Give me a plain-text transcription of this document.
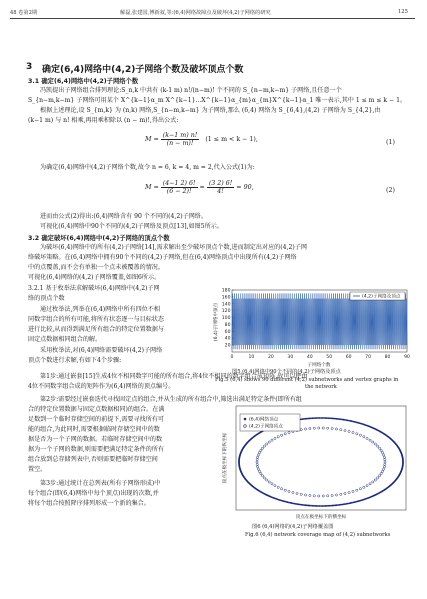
48 卷第2期	解磊,张建国,傅新叙,等:(6,4)网络故障点及破坏(4,2)子网络的研究	125
3 确定(6,4)网络中(4,2)子网络个数及破坏顶点个数
3.1 确定(6,4)网络中(4,2)子网络个数
冯凯提出子网络组合排列理论:S_n,k 中共有 (k-1 m) n!/(n−m)! 个不同的 S_{n−m,k−m} 子网络,且任意一个
S_{n−m,k−m} 子网络可用某个 X^{k−1}α_m X^{k−1}...X^{k−1}α_{m}α_{m}X^{k−1}α_1 唯一表示,其中 1 ≤ m ≤ k − 1。
根据上述理论,设 S_{m,k} 为 (n,k) 网络,S_{n−m,k−m} 为子网络,那么 (6,4) 网络为 S_{6,4},(4,2) 子网络为 S_{4,2},由
(k−1 m) 与 n! 相乘,再用乘积除以 (n − m)!,得出公式:
$M = \frac{(k-1 m) n!}{(n - m)!} (1 \le m < k - 1)$,	(1)
为确定(6,4)网络中(4,2)子网络个数,故令 n = 6, k = 4, m = 2,代入公式(1)为:
$M = \frac{(4-1 2) 6!}{(6 - 2)!} = \frac{(3 2) 6!}{4!} = 90$,	(2)
进而由公式(2)得出:(6,4)网络含有 90 个不同的(4,2)子网络。
可视化(6,4)网络中90个不同的(4,2)子网络及顶点[13],如图5所示。
3.2 确定破坏(6,4)网络中(4,2)子网络的顶点个数
为破坏(6,4)网络中的所有(4,2)子网络[14],需求解出至少破坏顶点个数,进而制定出对应的(4,2)子网
络破坏策略。在(6,4)网络中拥有90个不同的(4,2)子网络,但在(6,4)网络顶点中出现所有(4,2)子网络
中的点覆盖,而不会有单独一个点未被覆盖的情况。
可视化(6,4)网络的(4,2)子网络覆盖,如图6所示。
3.2.1 基于枚举法求解破坏(6,4)网络中(4,2)子网
络的顶点个数
通过枚举法,列举在(6,4)网络中所有四位不相
同数字组合的所有可能,将所有状态逐一与目标状态
进行比较,从而得到满足所有组合的特定位置数据与
固定点数据相同组合的解。
采用枚举法,对(6,4)网络需要破坏(4,2)子网络
顶点个数进行求解,有如下4个步骤:
(6,4)子网络中顶点
子网络个数
20
40
60
80
100
120
140
160
180
0	10	20	30	40	50	60	70	80	90
(4,2)子网络及顶点
图5 (6,4)网络中90个不同的(4,2)子网络及顶点
Fig.5 (6,4) shows 90 different (4,2) subnetworks and vertex graphs in
the network
第1步:通过嵌套[15]生成4位不相同数字可能的所有组合,将4位不相同的数字组合成矩阵,故可以把由
4位不同数字组合成的矩阵作为(6,4)网络的顶点编号。
第2步:需要经过嵌套迭代寻找固定点的组合,并从生成的所有组合中,筛选出满足特定条件(即所有组
合的特定位置数据与固定点数据相同)的组合。在满
足数到一个临时存储空间的前提下,需要寻找所有可
能的组合,为此同时,需要根据临时存储空间中的数
据是否为一个子网的数据。若临时存储空间中的数
据为一个子网的数据,则需要把满足特定条件的所有
组合放到总存储列表中,否则需要把临时存储空间
置空。
第3步:通过统计在总列表(所有子网络形成)中
每个组合(即(6,4)网络中每个顶点)出现的次数,并
将每个组合按照降序排列形成一个新的集合。
顶点在极坐标下的纵坐标
顶点在极坐标下的横坐标
(6,4)网络顶点
(4,2)子网络顶点
图6 (6,4)网络的(4,2)子网络覆盖图
Fig.6 (6,4) network coverage map of (4,2) subnetworks
